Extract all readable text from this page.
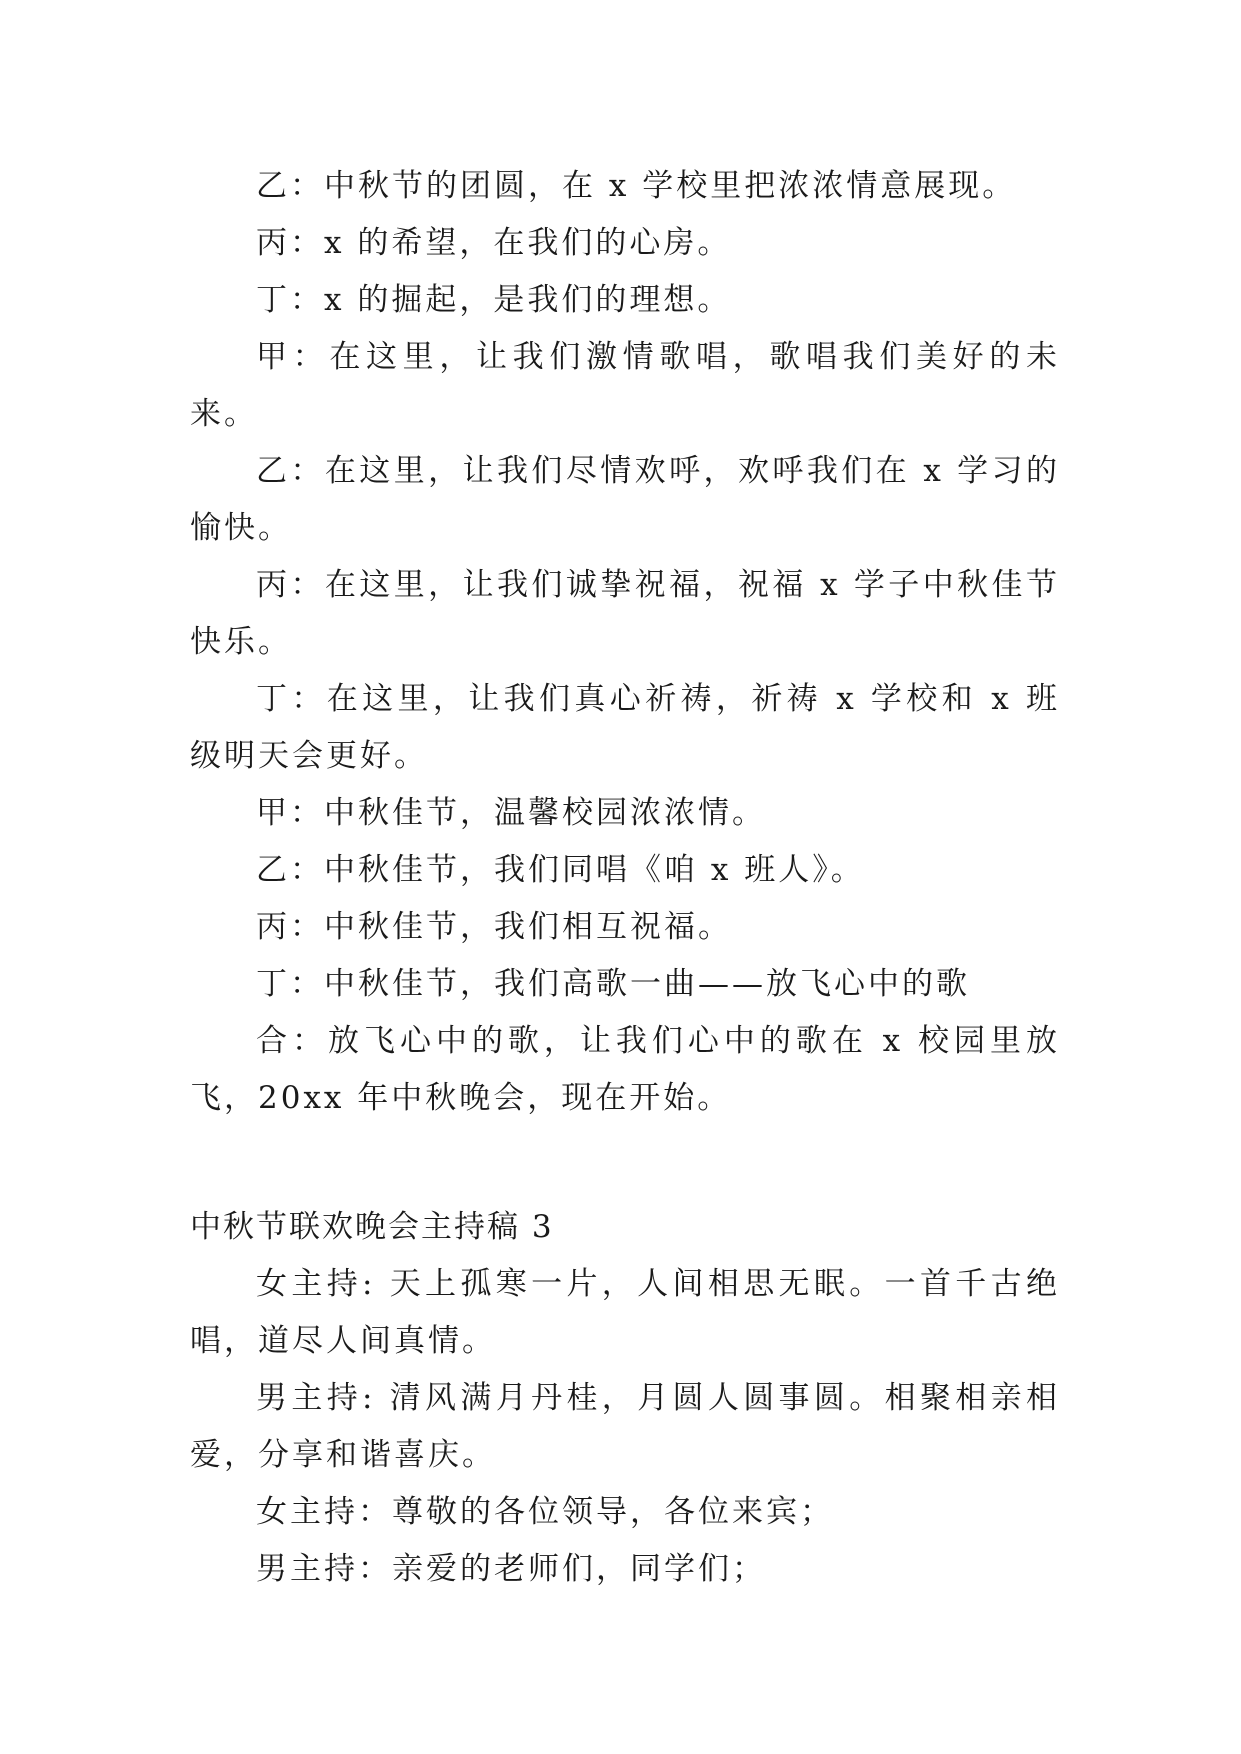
乙：中秋节的团圆，在 x 学校里把浓浓情意展现。

丙：x 的希望，在我们的心房。

丁：x 的掘起，是我们的理想。

甲：在这里，让我们激情歌唱，歌唱我们美好的未来。

乙：在这里，让我们尽情欢呼，欢呼我们在 x 学习的愉快。

丙：在这里，让我们诚挚祝福，祝福 x 学子中秋佳节快乐。

丁：在这里，让我们真心祈祷，祈祷 x 学校和 x 班级明天会更好。

甲：中秋佳节，温馨校园浓浓情。

乙：中秋佳节，我们同唱《咱 x 班人》。

丙：中秋佳节，我们相互祝福。

丁：中秋佳节，我们高歌一曲——放飞心中的歌

合：放飞心中的歌，让我们心中的歌在 x 校园里放飞，20xx 年中秋晚会，现在开始。

中秋节联欢晚会主持稿 3

女主持: 天上孤寒一片，人间相思无眠。一首千古绝唱，道尽人间真情。

男主持: 清风满月丹桂，月圆人圆事圆。相聚相亲相爱，分享和谐喜庆。

女主持：尊敬的各位领导，各位来宾；

男主持：亲爱的老师们，同学们；
